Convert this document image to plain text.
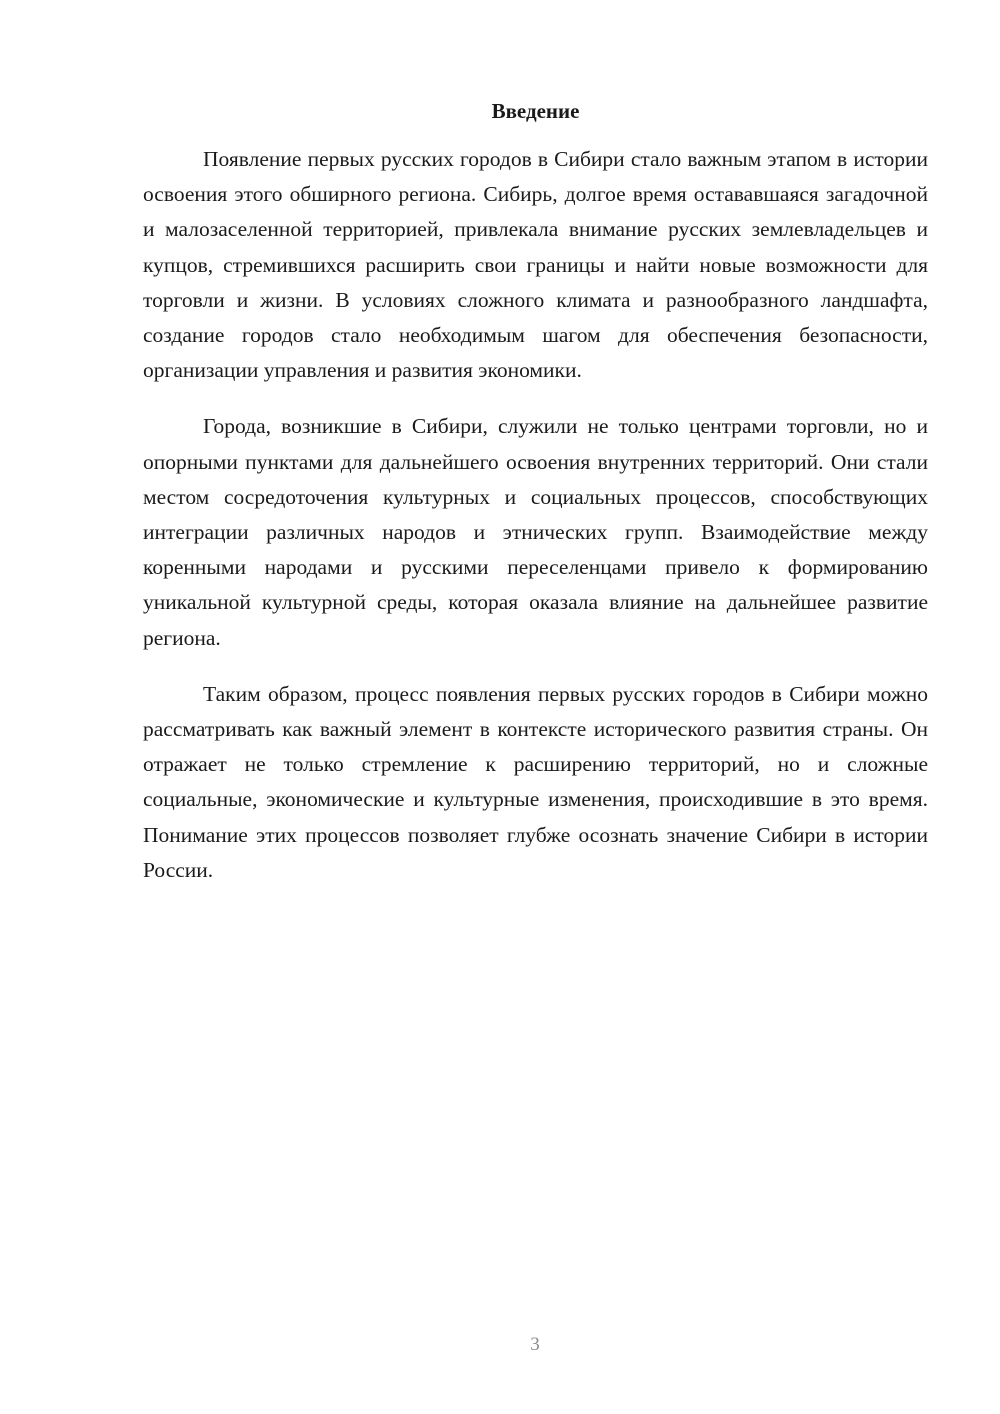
Введение

Появление первых русских городов в Сибири стало важным этапом в истории освоения этого обширного региона. Сибирь, долгое время остававшаяся загадочной и малозаселенной территорией, привлекала внимание русских землевладельцев и купцов, стремившихся расширить свои границы и найти новые возможности для торговли и жизни. В условиях сложного климата и разнообразного ландшафта, создание городов стало необходимым шагом для обеспечения безопасности, организации управления и развития экономики.

Города, возникшие в Сибири, служили не только центрами торговли, но и опорными пунктами для дальнейшего освоения внутренних территорий. Они стали местом сосредоточения культурных и социальных процессов, способствующих интеграции различных народов и этнических групп. Взаимодействие между коренными народами и русскими переселенцами привело к формированию уникальной культурной среды, которая оказала влияние на дальнейшее развитие региона.

Таким образом, процесс появления первых русских городов в Сибири можно рассматривать как важный элемент в контексте исторического развития страны. Он отражает не только стремление к расширению территорий, но и сложные социальные, экономические и культурные изменения, происходившие в это время. Понимание этих процессов позволяет глубже осознать значение Сибири в истории России.

3
